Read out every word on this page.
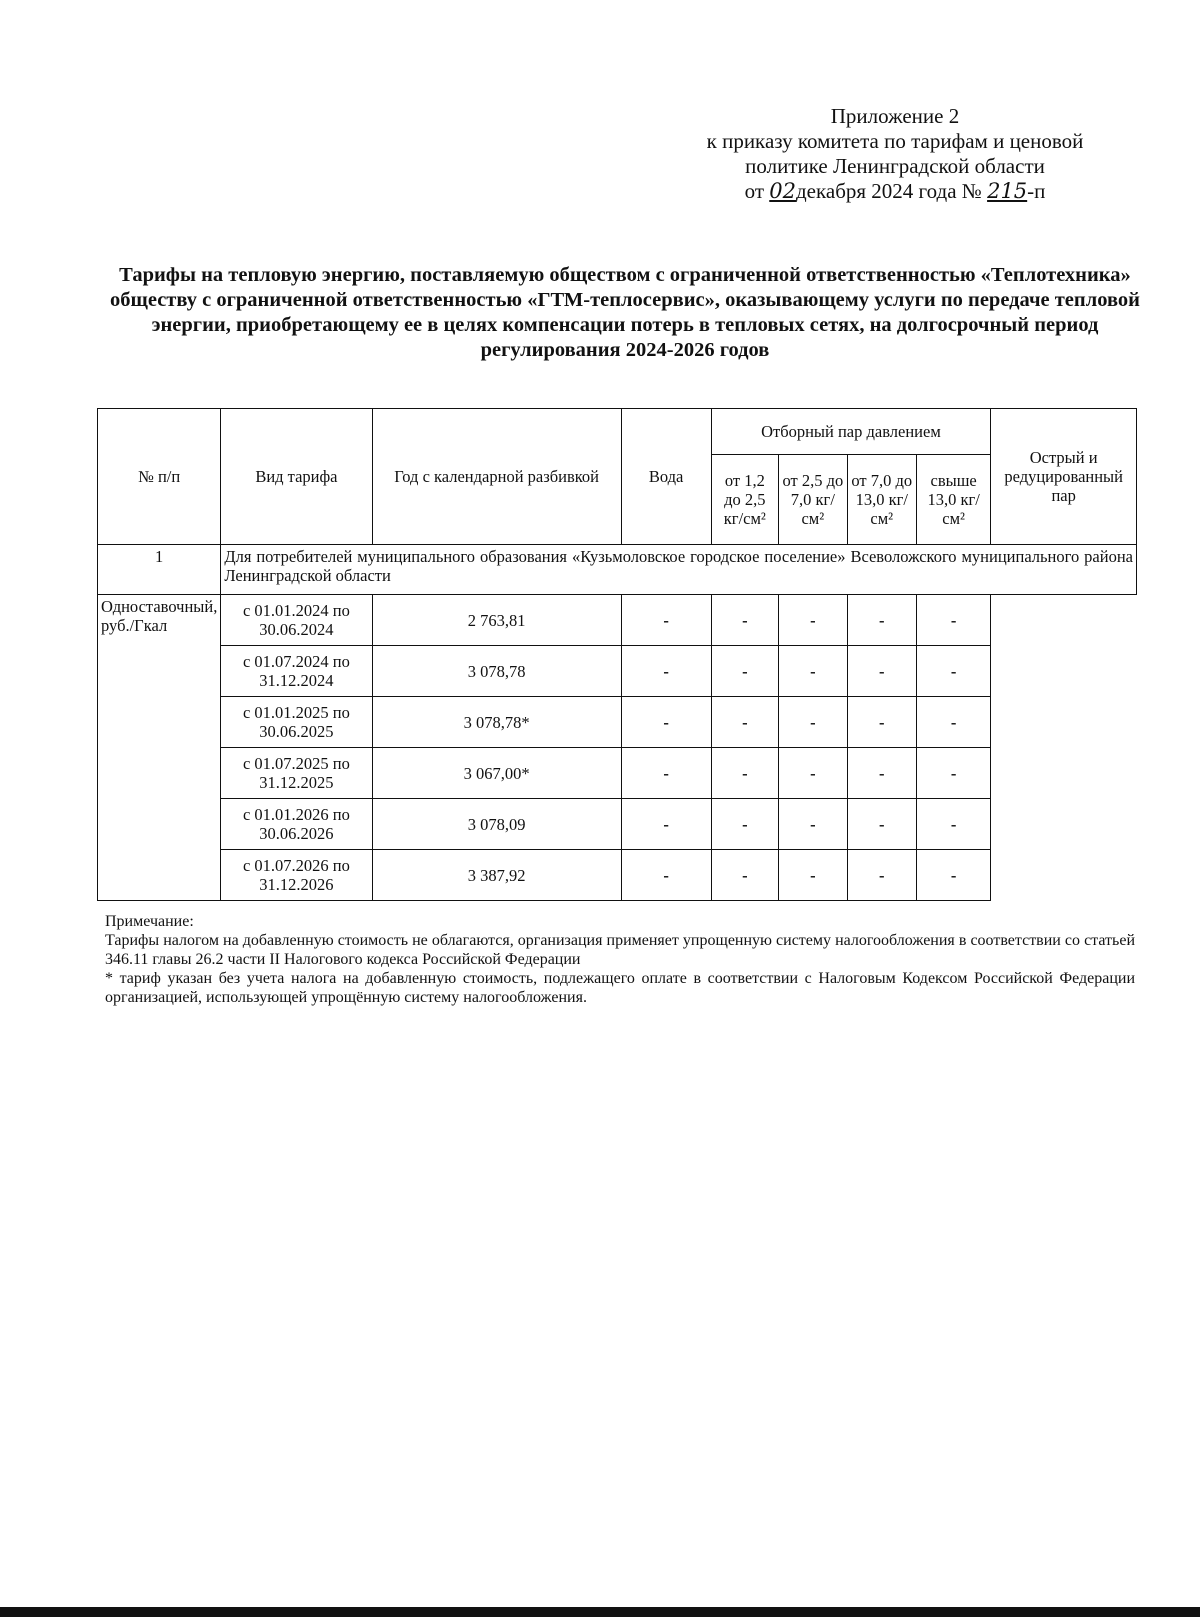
Приложение 2
к приказу комитета по тарифам и ценовой
политике Ленинградской области
от 02декабря 2024 года № 215-п
Тарифы на тепловую энергию, поставляемую обществом с ограниченной ответственностью «Теплотехника» обществу с ограниченной ответственностью «ГТМ-теплосервис», оказывающему услуги по передаче тепловой энергии, приобретающему ее в целях компенсации потерь в тепловых сетях, на долгосрочный период регулирования 2024-2026 годов
№ п/п	Вид тарифа	Год с календарной разбивкой	Вода	Отборный пар давлением				Острый и редуцированный пар
				от 1,2 до 2,5 кг/см²	от 2,5 до 7,0 кг/см²	от 7,0 до 13,0 кг/см²	свыше 13,0 кг/см²	
1	Для потребителей муниципального образования «Кузьмоловское городское поселение» Всеволожского муниципального района Ленинградской области							
Одноставочный, руб./Гкал	с 01.01.2024 по 30.06.2024	2 763,81	-	-	-	-	-	
	с 01.07.2024 по 31.12.2024	3 078,78	-	-	-	-	-	
	с 01.01.2025 по 30.06.2025	3 078,78*	-	-	-	-	-	
	с 01.07.2025 по 31.12.2025	3 067,00*	-	-	-	-	-	
	с 01.01.2026 по 30.06.2026	3 078,09	-	-	-	-	-	
	с 01.07.2026 по 31.12.2026	3 387,92	-	-	-	-	-	
Примечание:

Тарифы налогом на добавленную стоимость не облагаются, организация применяет упрощенную систему налогообложения в соответствии со статьей 346.11 главы 26.2 части II Налогового кодекса Российской Федерации

* тариф указан без учета налога на добавленную стоимость, подлежащего оплате в соответствии с Налоговым Кодексом Российской Федерации организацией, использующей упрощённую систему налогообложения.
